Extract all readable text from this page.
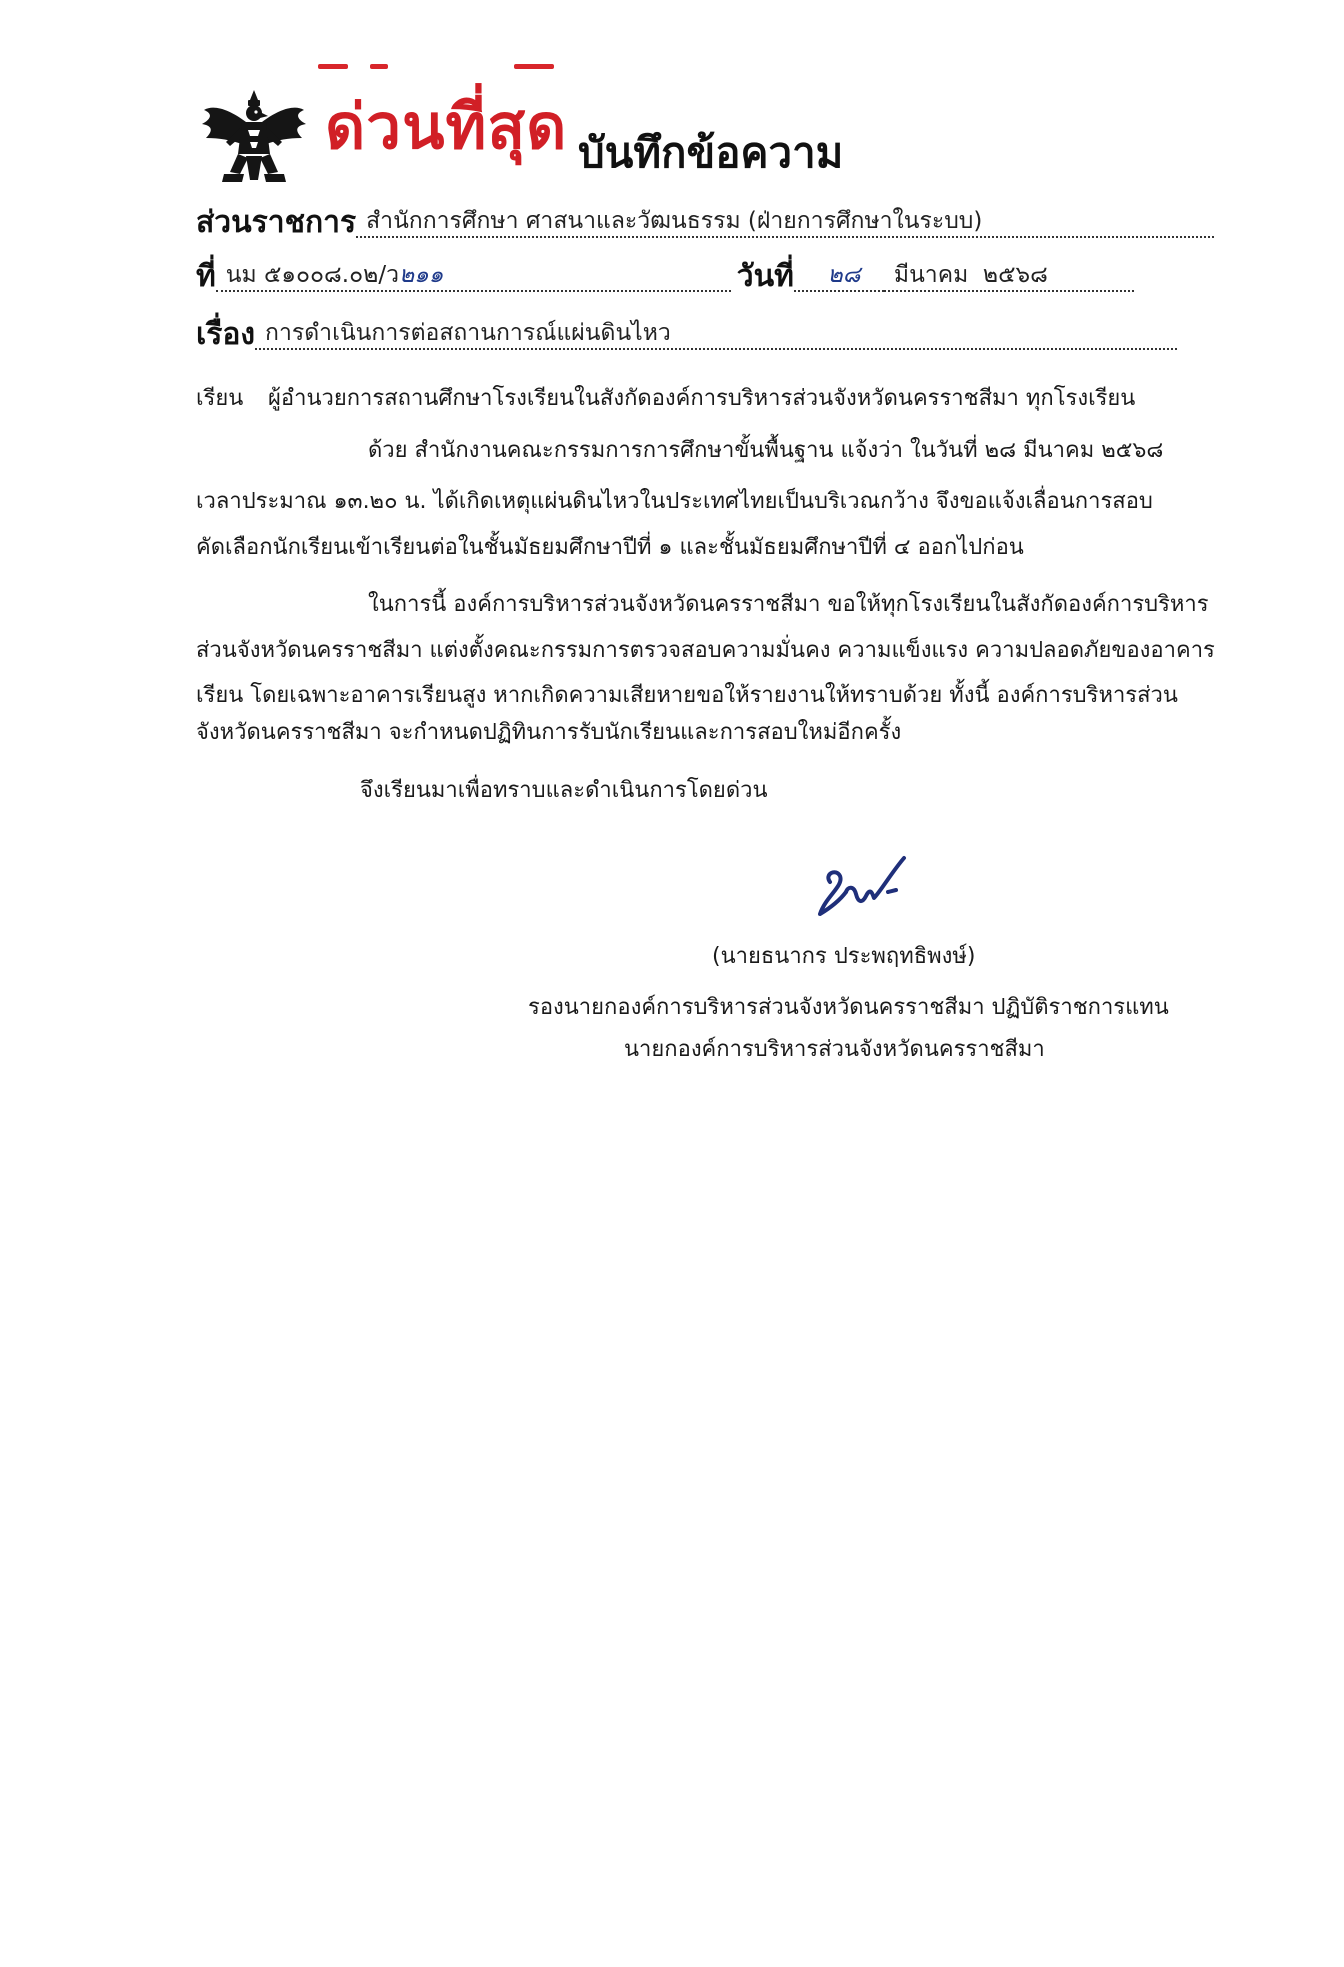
ด่วนที่สุด บันทึกข้อความ
ส่วนราชการ สำนักการศึกษา ศาสนาและวัฒนธรรม (ฝ่ายการศึกษาในระบบ)
ที่ นม ๕๑๐๐๘.๐๒/ว๒๑๑	วันที่	๒๘	มีนาคม ๒๕๖๘
เรื่อง การดำเนินการต่อสถานการณ์แผ่นดินไหว
เรียน ผู้อำนวยการสถานศึกษาโรงเรียนในสังกัดองค์การบริหารส่วนจังหวัดนครราชสีมา ทุกโรงเรียน
ด้วย สำนักงานคณะกรรมการการศึกษาขั้นพื้นฐาน แจ้งว่า ในวันที่ ๒๘ มีนาคม ๒๕๖๘
เวลาประมาณ ๑๓.๒๐ น. ได้เกิดเหตุแผ่นดินไหวในประเทศไทยเป็นบริเวณกว้าง จึงขอแจ้งเลื่อนการสอบ
คัดเลือกนักเรียนเข้าเรียนต่อในชั้นมัธยมศึกษาปีที่ ๑ และชั้นมัธยมศึกษาปีที่ ๔ ออกไปก่อน
ในการนี้ องค์การบริหารส่วนจังหวัดนครราชสีมา ขอให้ทุกโรงเรียนในสังกัดองค์การบริหาร
ส่วนจังหวัดนครราชสีมา แต่งตั้งคณะกรรมการตรวจสอบความมั่นคง ความแข็งแรง ความปลอดภัยของอาคาร
เรียน โดยเฉพาะอาคารเรียนสูง หากเกิดความเสียหายขอให้รายงานให้ทราบด้วย ทั้งนี้ องค์การบริหารส่วน
จังหวัดนครราชสีมา จะกำหนดปฏิทินการรับนักเรียนและการสอบใหม่อีกครั้ง
จึงเรียนมาเพื่อทราบและดำเนินการโดยด่วน
(นายธนากร ประพฤทธิพงษ์)
รองนายกองค์การบริหารส่วนจังหวัดนครราชสีมา ปฏิบัติราชการแทน
นายกองค์การบริหารส่วนจังหวัดนครราชสีมา
